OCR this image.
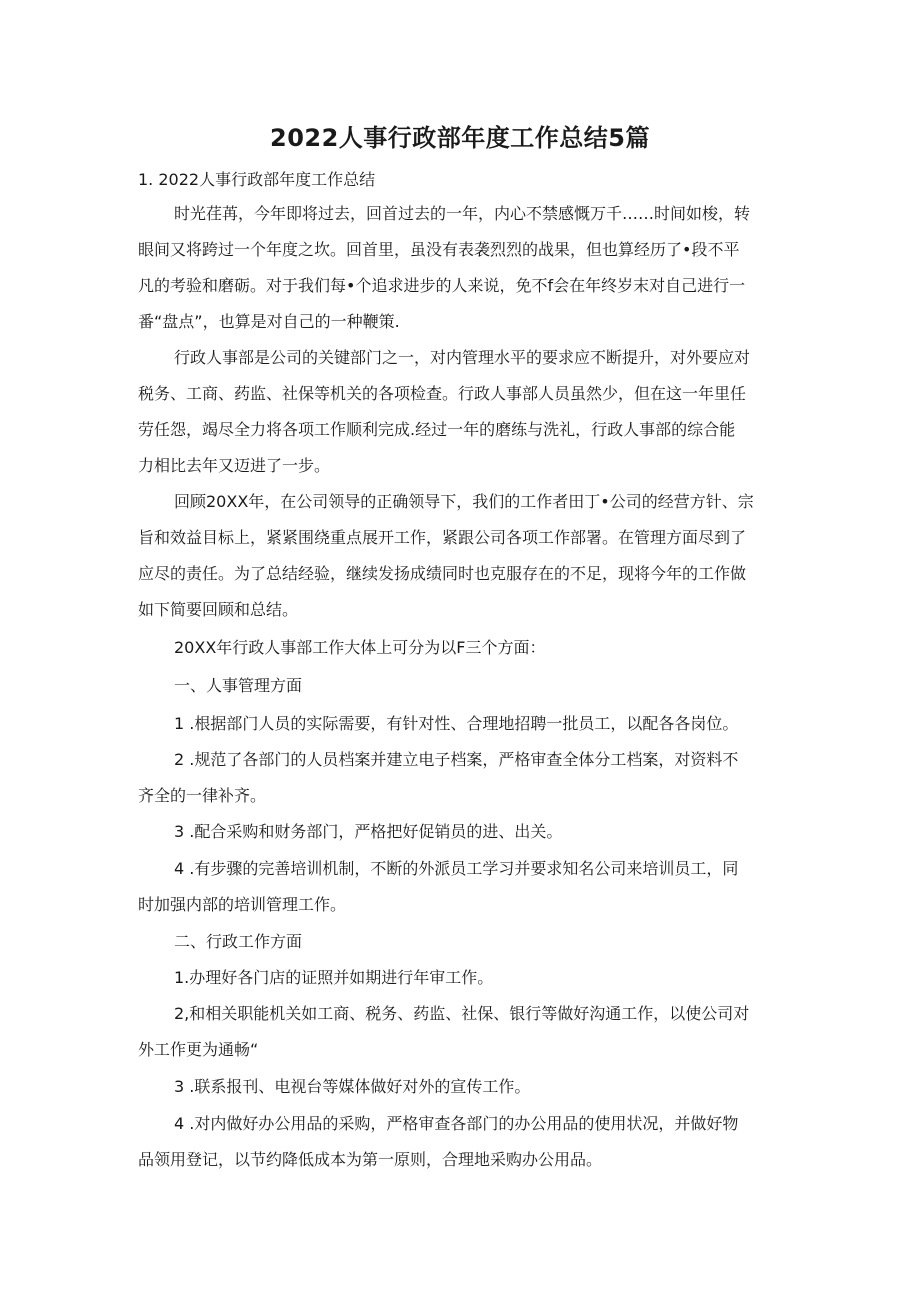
2022人事行政部年度工作总结5篇
1. 2022人事行政部年度工作总结
时光荏苒，今年即将过去，回首过去的一年，内心不禁感慨万千……时间如梭，转
眼间又将跨过一个年度之坎。回首里，虽没有表袭烈烈的战果，但也算经历了•段不平
凡的考验和磨砺。对于我们每•个追求进步的人来说，免不f会在年终岁末对自己进行一
番“盘点”，也算是对自己的一种鞭策.
行政人事部是公司的关键部门之一，对内管理水平的要求应不断提升，对外要应对
税务、工商、药监、社保等机关的各项检查。行政人事部人员虽然少，但在这一年里任
劳任怨，竭尽全力将各项工作顺利完成.经过一年的磨练与洗礼，行政人事部的综合能
力相比去年又迈进了一步。
回顾20XX年，在公司领导的正确领导下，我们的工作者田丁•公司的经营方针、宗
旨和效益目标上，紧紧围绕重点展开工作，紧跟公司各项工作部署。在管理方面尽到了
应尽的责任。为了总结经验，继续发扬成绩同时也克服存在的不足，现将今年的工作做
如下简要回顾和总结。
20XX年行政人事部工作大体上可分为以F三个方面：
一、人事管理方面
1 .根据部门人员的实际需要，有针对性、合理地招聘一批员工，以配各各岗位。
2 .规范了各部门的人员档案并建立电子档案，严格审查全体分工档案，对资料不
齐全的一律补齐。
3 .配合采购和财务部门，严格把好促销员的进、出关。
4 .有步骤的完善培训机制，不断的外派员工学习并要求知名公司来培训员工，同
时加强内部的培训管理工作。
二、行政工作方面
1.办理好各门店的证照并如期进行年审工作。
2,和相关职能机关如工商、税务、药监、社保、银行等做好沟通工作，以使公司对
外工作更为通畅“
3 .联系报刊、电视台等媒体做好对外的宣传工作。
4 .对内做好办公用品的采购，严格审查各部门的办公用品的使用状况，并做好物
品领用登记，以节约降低成本为第一原则，合理地采购办公用品。
